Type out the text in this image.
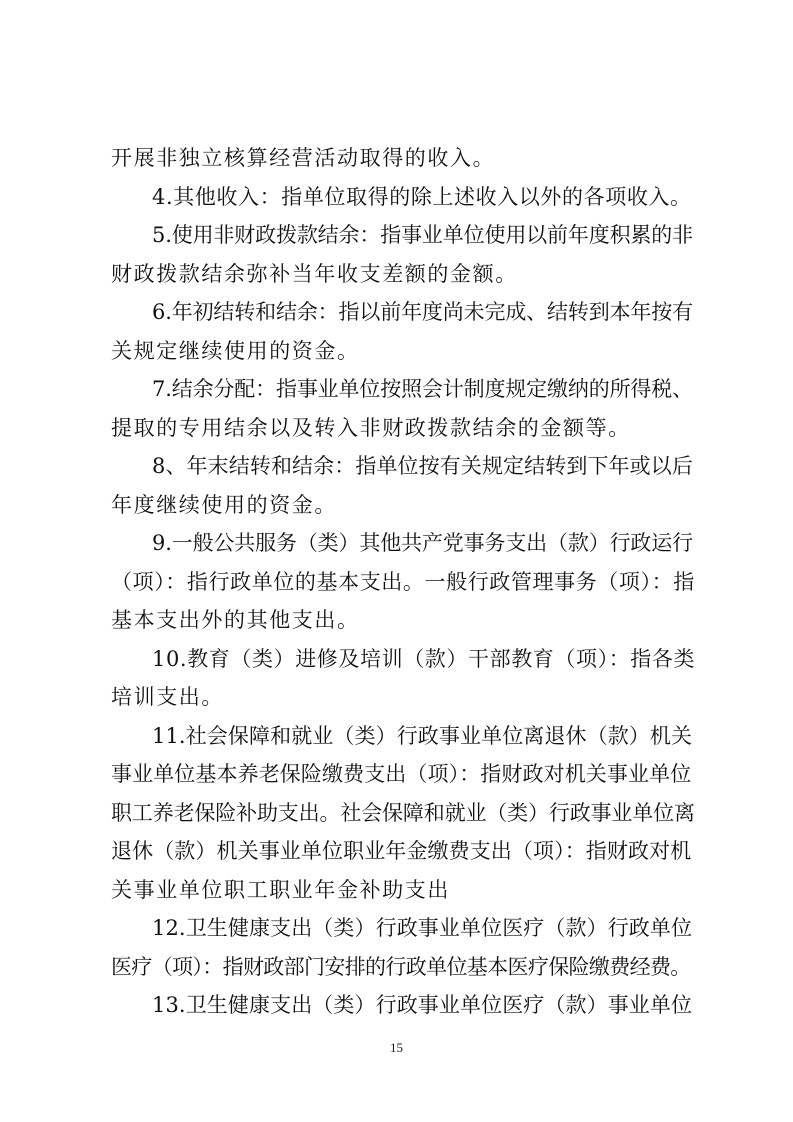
开展非独立核算经营活动取得的收入。
4.其他收入：指单位取得的除上述收入以外的各项收入。
5.使用非财政拨款结余：指事业单位使用以前年度积累的非
财政拨款结余弥补当年收支差额的金额。
6.年初结转和结余：指以前年度尚未完成、结转到本年按有
关规定继续使用的资金。
7.结余分配：指事业单位按照会计制度规定缴纳的所得税、
提取的专用结余以及转入非财政拨款结余的金额等。
8、年末结转和结余：指单位按有关规定结转到下年或以后
年度继续使用的资金。
9.一般公共服务（类）其他共产党事务支出（款）行政运行
（项）：指行政单位的基本支出。一般行政管理事务（项）：指
基本支出外的其他支出。
10.教育（类）进修及培训（款）干部教育（项）：指各类
培训支出。
11.社会保障和就业（类）行政事业单位离退休（款）机关
事业单位基本养老保险缴费支出（项）：指财政对机关事业单位
职工养老保险补助支出。社会保障和就业（类）行政事业单位离
退休（款）机关事业单位职业年金缴费支出（项）：指财政对机
关事业单位职工职业年金补助支出
12.卫生健康支出（类）行政事业单位医疗（款）行政单位
医疗（项）：指财政部门安排的行政单位基本医疗保险缴费经费。
13.卫生健康支出（类）行政事业单位医疗（款）事业单位
15
